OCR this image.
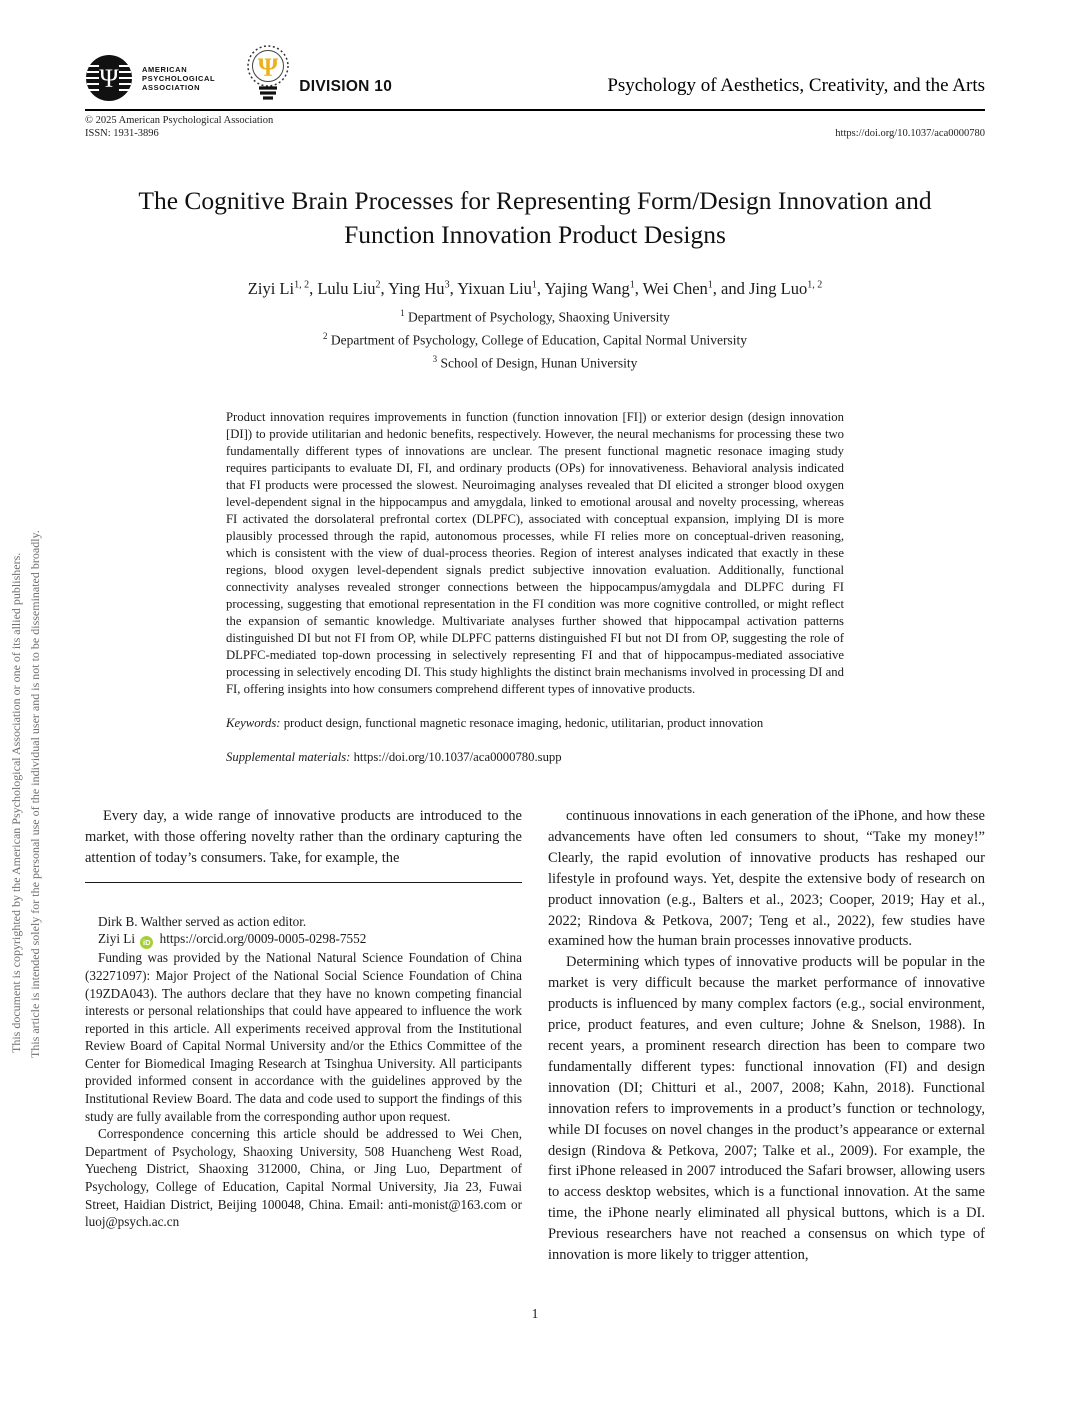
This document is copyrighted by the American Psychological Association or one of its allied publishers. This article is intended solely for the personal use of the individual user and is not to be disseminated broadly.
Ψ	AMERICAN
PSYCHOLOGICAL
ASSOCIATION
Ψ
DIVISION 10	Psychology of Aesthetics, Creativity, and the Arts
© 2025 American Psychological Association
ISSN: 1931-3896	https://doi.org/10.1037/aca0000780
The Cognitive Brain Processes for Representing Form/Design Innovation and
Function Innovation Product Designs
Ziyi Li$^{1, 2}$, Lulu Liu$^2$, Ying Hu$^3$, Yixuan Liu$^1$, Yajing Wang$^1$, Wei Chen$^1$, and Jing Luo$^{1, 2}$
$^1$ Department of Psychology, Shaoxing University
$^2$ Department of Psychology, College of Education, Capital Normal University
$^3$ School of Design, Hunan University

Product innovation requires improvements in function (function innovation [FI]) or exterior design (design innovation [DI]) to provide utilitarian and hedonic benefits, respectively. However, the neural mechanisms for processing these two fundamentally different types of innovations are unclear. The present functional magnetic resonace imaging study requires participants to evaluate DI, FI, and ordinary products (OPs) for innovativeness. Behavioral analysis indicated that FI products were processed the slowest. Neuroimaging analyses revealed that DI elicited a stronger blood oxygen level-dependent signal in the hippocampus and amygdala, linked to emotional arousal and novelty processing, whereas FI activated the dorsolateral prefrontal cortex (DLPFC), associated with conceptual expansion, implying DI is more plausibly processed through the rapid, autonomous processes, while FI relies more on conceptual-driven reasoning, which is consistent with the view of dual-process theories. Region of interest analyses indicated that exactly in these regions, blood oxygen level-dependent signals predict subjective innovation evaluation. Additionally, functional connectivity analyses revealed stronger connections between the hippocampus/amygdala and DLPFC during FI processing, suggesting that emotional representation in the FI condition was more cognitive controlled, or might reflect the expansion of semantic knowledge. Multivariate analyses further showed that hippocampal activation patterns distinguished DI but not FI from OP, while DLPFC patterns distinguished FI but not DI from OP, suggesting the role of DLPFC-mediated top-down processing in selectively representing FI and that of hippocampus-mediated associative processing in selectively encoding DI. This study highlights the distinct brain mechanisms involved in processing DI and FI, offering insights into how consumers comprehend different types of innovative products.

Keywords: product design, functional magnetic resonace imaging, hedonic, utilitarian, product innovation

Supplemental materials: https://doi.org/10.1037/aca0000780.supp

Every day, a wide range of innovative products are introduced to the market, with those offering novelty rather than the ordinary capturing the attention of today’s consumers. Take, for example, the

Dirk B. Walther served as action editor.

Ziyi Li iD https://orcid.org/0009-0005-0298-7552

Funding was provided by the National Natural Science Foundation of China (32271097): Major Project of the National Social Science Foundation of China (19ZDA043). The authors declare that they have no known competing financial interests or personal relationships that could have appeared to influence the work reported in this article. All experiments received approval from the Institutional Review Board of Capital Normal University and/or the Ethics Committee of the Center for Biomedical Imaging Research at Tsinghua University. All participants provided informed consent in accordance with the guidelines approved by the Institutional Review Board. The data and code used to support the findings of this study are fully available from the corresponding author upon request.

Correspondence concerning this article should be addressed to Wei Chen, Department of Psychology, Shaoxing University, 508 Huancheng West Road, Yuecheng District, Shaoxing 312000, China, or Jing Luo, Department of Psychology, College of Education, Capital Normal University, Jia 23, Fuwai Street, Haidian District, Beijing 100048, China. Email: anti-monist@163.com or luoj@psych.ac.cn

continuous innovations in each generation of the iPhone, and how these advancements have often led consumers to shout, “Take my money!” Clearly, the rapid evolution of innovative products has reshaped our lifestyle in profound ways. Yet, despite the extensive body of research on product innovation (e.g., Balters et al., 2023; Cooper, 2019; Hay et al., 2022; Rindova & Petkova, 2007; Teng et al., 2022), few studies have examined how the human brain processes innovative products.

Determining which types of innovative products will be popular in the market is very difficult because the market performance of innovative products is influenced by many complex factors (e.g., social environment, price, product features, and even culture; Johne & Snelson, 1988). In recent years, a prominent research direction has been to compare two fundamentally different types: functional innovation (FI) and design innovation (DI; Chitturi et al., 2007, 2008; Kahn, 2018). Functional innovation refers to improvements in a product’s function or technology, while DI focuses on novel changes in the product’s appearance or external design (Rindova & Petkova, 2007; Talke et al., 2009). For example, the first iPhone released in 2007 introduced the Safari browser, allowing users to access desktop websites, which is a functional innovation. At the same time, the iPhone nearly eliminated all physical buttons, which is a DI. Previous researchers have not reached a consensus on which type of innovation is more likely to trigger attention,

1
